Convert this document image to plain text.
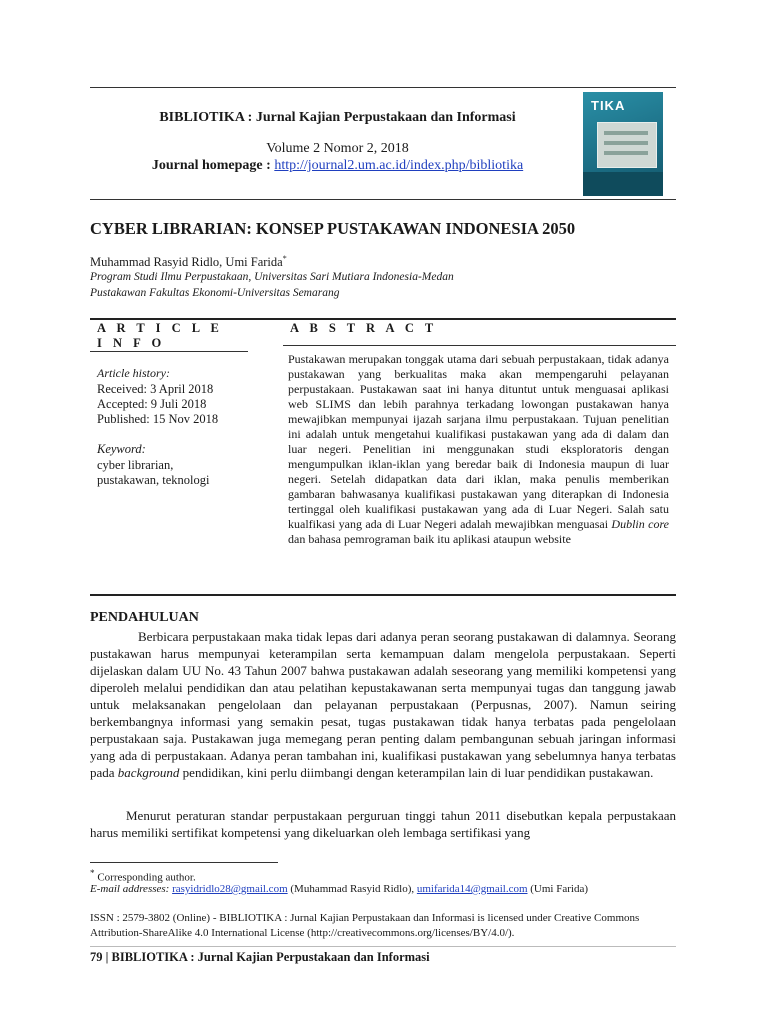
BIBLIOTIKA : Jurnal Kajian Perpustakaan dan Informasi
Volume 2 Nomor 2, 2018
Journal homepage : http://journal2.um.ac.id/index.php/bibliotika
TIKA
CYBER LIBRARIAN: KONSEP PUSTAKAWAN INDONESIA 2050
Muhammad Rasyid Ridlo, Umi Farida*
Program Studi Ilmu Perpustakaan, Universitas Sari Mutiara Indonesia-Medan
Pustakawan Fakultas Ekonomi-Universitas Semarang
A R T I C L E
I N F O
A B S T R A C T
Article history:
Received: 3 April 2018
Accepted: 9 Juli 2018
Published: 15 Nov 2018
Keyword:
cyber librarian,
pustakawan, teknologi
Pustakawan merupakan tonggak utama dari sebuah perpustakaan, tidak adanya pustakawan yang berkualitas maka akan mempengaruhi pelayanan perpustakaan. Pustakawan saat ini hanya dituntut untuk menguasai aplikasi web SLIMS dan lebih parahnya terkadang lowongan pustakawan hanya mewajibkan mempunyai ijazah sarjana ilmu perpustakaan. Tujuan penelitian ini adalah untuk mengetahui kualifikasi pustakawan yang ada di dalam dan luar negeri. Penelitian ini menggunakan studi eksploratoris dengan mengumpulkan iklan-iklan yang beredar baik di Indonesia maupun di luar negeri. Setelah didapatkan data dari iklan, maka penulis memberikan gambaran bahwasanya kualifikasi pustakawan yang diterapkan di Indonesia tertinggal oleh kualifikasi pustakawan yang ada di Luar Negeri. Salah satu kualfikasi yang ada di Luar Negeri adalah mewajibkan menguasai Dublin core dan bahasa pemrograman baik itu aplikasi ataupun website
PENDAHULUAN
Berbicara perpustakaan maka tidak lepas dari adanya peran seorang pustakawan di dalamnya. Seorang pustakawan harus mempunyai keterampilan serta kemampuan dalam mengelola perpustakaan. Seperti dijelaskan dalam UU No. 43 Tahun 2007 bahwa pustakawan adalah seseorang yang memiliki kompetensi yang diperoleh melalui pendidikan dan atau pelatihan kepustakawanan serta mempunyai tugas dan tanggung jawab untuk melaksanakan pengelolaan dan pelayanan perpustakaan (Perpusnas, 2007). Namun seiring berkembangnya informasi yang semakin pesat, tugas pustakawan tidak hanya terbatas pada pengelolaan perpustakaan saja. Pustakawan juga memegang peran penting dalam pembangunan sebuah jaringan informasi yang ada di perpustakaan. Adanya peran tambahan ini, kualifikasi pustakawan yang sebelumnya hanya terbatas pada background pendidikan, kini perlu diimbangi dengan keterampilan lain di luar pendidikan pustakawan.
Menurut peraturan standar perpustakaan perguruan tinggi tahun 2011 disebutkan kepala perpustakaan harus memiliki sertifikat kompetensi yang dikeluarkan oleh lembaga sertifikasi yang
* Corresponding author.
E-mail addresses: rasyidridlo28@gmail.com (Muhammad Rasyid Ridlo), umifarida14@gmail.com (Umi Farida)
ISSN : 2579-3802 (Online) - BIBLIOTIKA : Jurnal Kajian Perpustakaan dan Informasi is licensed under Creative Commons Attribution-ShareAlike 4.0 International License (http://creativecommons.org/licenses/BY/4.0/).
79 | BIBLIOTIKA : Jurnal Kajian Perpustakaan dan Informasi
